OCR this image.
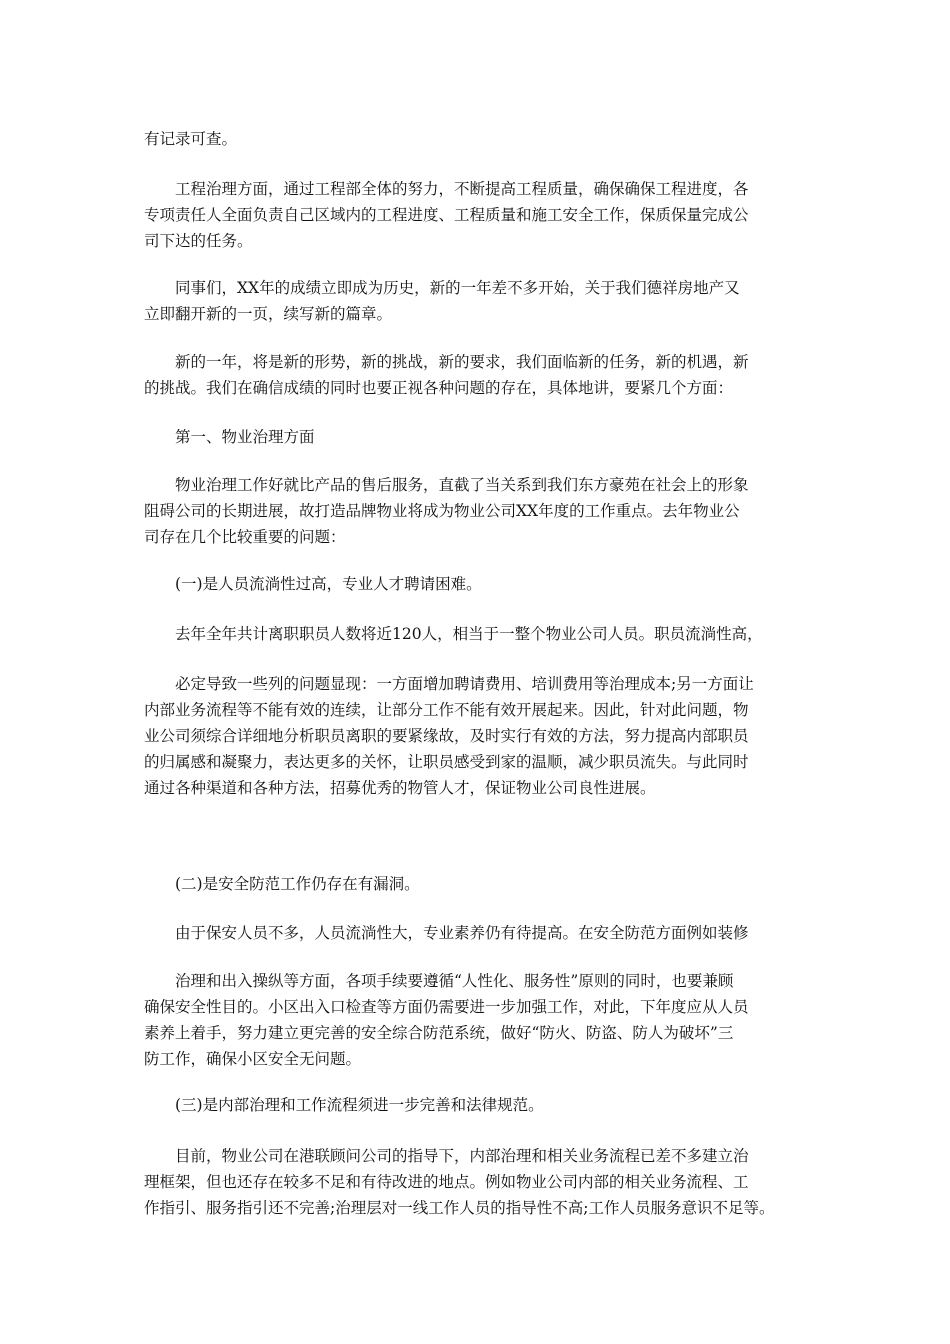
有记录可查。

　　工程治理方面，通过工程部全体的努力，不断提高工程质量，确保确保工程进度，各
专项责任人全面负责自己区域内的工程进度、工程质量和施工安全工作，保质保量完成公
司下达的任务。

　　同事们，XX年的成绩立即成为历史，新的一年差不多开始，关于我们德祥房地产又
立即翻开新的一页，续写新的篇章。

　　新的一年，将是新的形势，新的挑战，新的要求，我们面临新的任务，新的机遇，新
的挑战。我们在确信成绩的同时也要正视各种问题的存在，具体地讲，要紧几个方面：

　　第一、物业治理方面

　　物业治理工作好就比产品的售后服务，直截了当关系到我们东方豪苑在社会上的形象
阻碍公司的长期进展，故打造品牌物业将成为物业公司XX年度的工作重点。去年物业公
司存在几个比较重要的问题：

　　(一)是人员流淌性过高，专业人才聘请困难。

　　去年全年共计离职职员人数将近120人，相当于一整个物业公司人员。职员流淌性高，

　　必定导致一些列的问题显现：一方面增加聘请费用、培训费用等治理成本;另一方面让
内部业务流程等不能有效的连续，让部分工作不能有效开展起来。因此，针对此问题，物
业公司须综合详细地分析职员离职的要紧缘故，及时实行有效的方法，努力提高内部职员
的归属感和凝聚力，表达更多的关怀，让职员感受到家的温顺，减少职员流失。与此同时
通过各种渠道和各种方法，招募优秀的物管人才，保证物业公司良性进展。

　　(二)是安全防范工作仍存在有漏洞。

　　由于保安人员不多，人员流淌性大，专业素养仍有待提高。在安全防范方面例如装修

　　治理和出入操纵等方面，各项手续要遵循“人性化、服务性”原则的同时，也要兼顾
确保安全性目的。小区出入口检查等方面仍需要进一步加强工作，对此，下年度应从人员
素养上着手，努力建立更完善的安全综合防范系统，做好“防火、防盗、防人为破坏”三
防工作，确保小区安全无问题。

　　(三)是内部治理和工作流程须进一步完善和法律规范。

　　目前，物业公司在港联顾问公司的指导下，内部治理和相关业务流程已差不多建立治
理框架，但也还存在较多不足和有待改进的地点。例如物业公司内部的相关业务流程、工
作指引、服务指引还不完善;治理层对一线工作人员的指导性不高;工作人员服务意识不足等。
